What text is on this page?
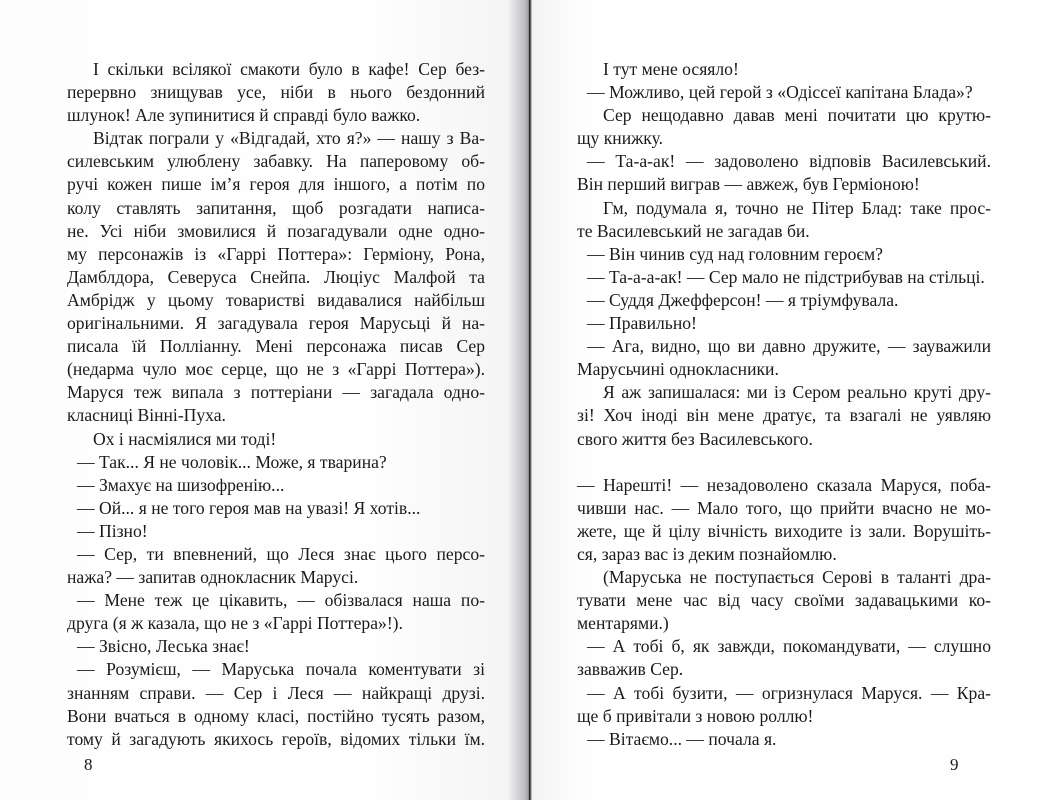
І скільки всілякої смакоти було в кафе! Сер без-
перервно знищував усе, ніби в нього бездонний
шлунок! Але зупинитися й справді було важко.
Відтак пограли у «Відгадай, хто я?» — нашу з Ва-
силевським улюблену забавку. На паперовому об-
ручі кожен пише ім’я героя для іншого, а потім по
колу ставлять запитання, щоб розгадати написа-
не. Усі ніби змовилися й позагадували одне одно-
му персонажів із «Гаррі Поттера»: Герміону, Рона,
Дамблдора, Северуса Снейпа. Люціус Малфой та
Амбрідж у цьому товаристві видавалися найбільш
оригінальними. Я загадувала героя Марусьці й на-
писала їй Полліанну. Мені персонажа писав Сер
(недарма чуло моє серце, що не з «Гаррі Поттера»).
Маруся теж випала з поттеріани — загадала одно-
класниці Вінні-Пуха.
Ох і насміялися ми тоді!
— Так... Я не чоловік... Може, я тварина?
— Змахує на шизофренію...
— Ой... я не того героя мав на увазі! Я хотів...
— Пізно!
— Сер, ти впевнений, що Леся знає цього персо-
нажа? — запитав однокласник Марусі.
— Мене теж це цікавить, — обізвалася наша по-
друга (я ж казала, що не з «Гаррі Поттера»!).
— Звісно, Леська знає!
— Розумієш, — Маруська почала коментувати зі
знанням справи. — Сер і Леся — найкращі друзі.
Вони вчаться в одному класі, постійно тусять разом,
тому й загадують якихось героїв, відомих тільки їм.
8
І тут мене осяяло!
— Можливо, цей герой з «Одіссеї капітана Блада»?
Сер нещодавно давав мені почитати цю крутю-
щу книжку.
— Та-а-ак! — задоволено відповів Василевський.
Він перший виграв — авжеж, був Герміоною!
Гм, подумала я, точно не Пітер Блад: таке прос-
те Василевський не загадав би.
— Він чинив суд над головним героєм?
— Та-а-а-ак! — Сер мало не підстрибував на стільці.
— Суддя Джефферсон! — я тріумфувала.
— Правильно!
— Ага, видно, що ви давно дружите, — зауважили
Марусьчині однокласники.
Я аж запишалася: ми із Сером реально круті дру-
зі! Хоч іноді він мене дратує, та взагалі не уявляю
свого життя без Василевського.
— Нарешті! — незадоволено сказала Маруся, поба-
чивши нас. — Мало того, що прийти вчасно не мо-
жете, ще й цілу вічність виходите із зали. Ворушіть-
ся, зараз вас із деким познайомлю.
(Маруська не поступається Серові в таланті дра-
тувати мене час від часу своїми задавацькими ко-
ментарями.)
— А тобі б, як завжди, покомандувати, — слушно
завважив Сер.
— А тобі бузити, — огризнулася Маруся. — Кра-
ще б привітали з новою роллю!
— Вітаємо... — почала я.
9
